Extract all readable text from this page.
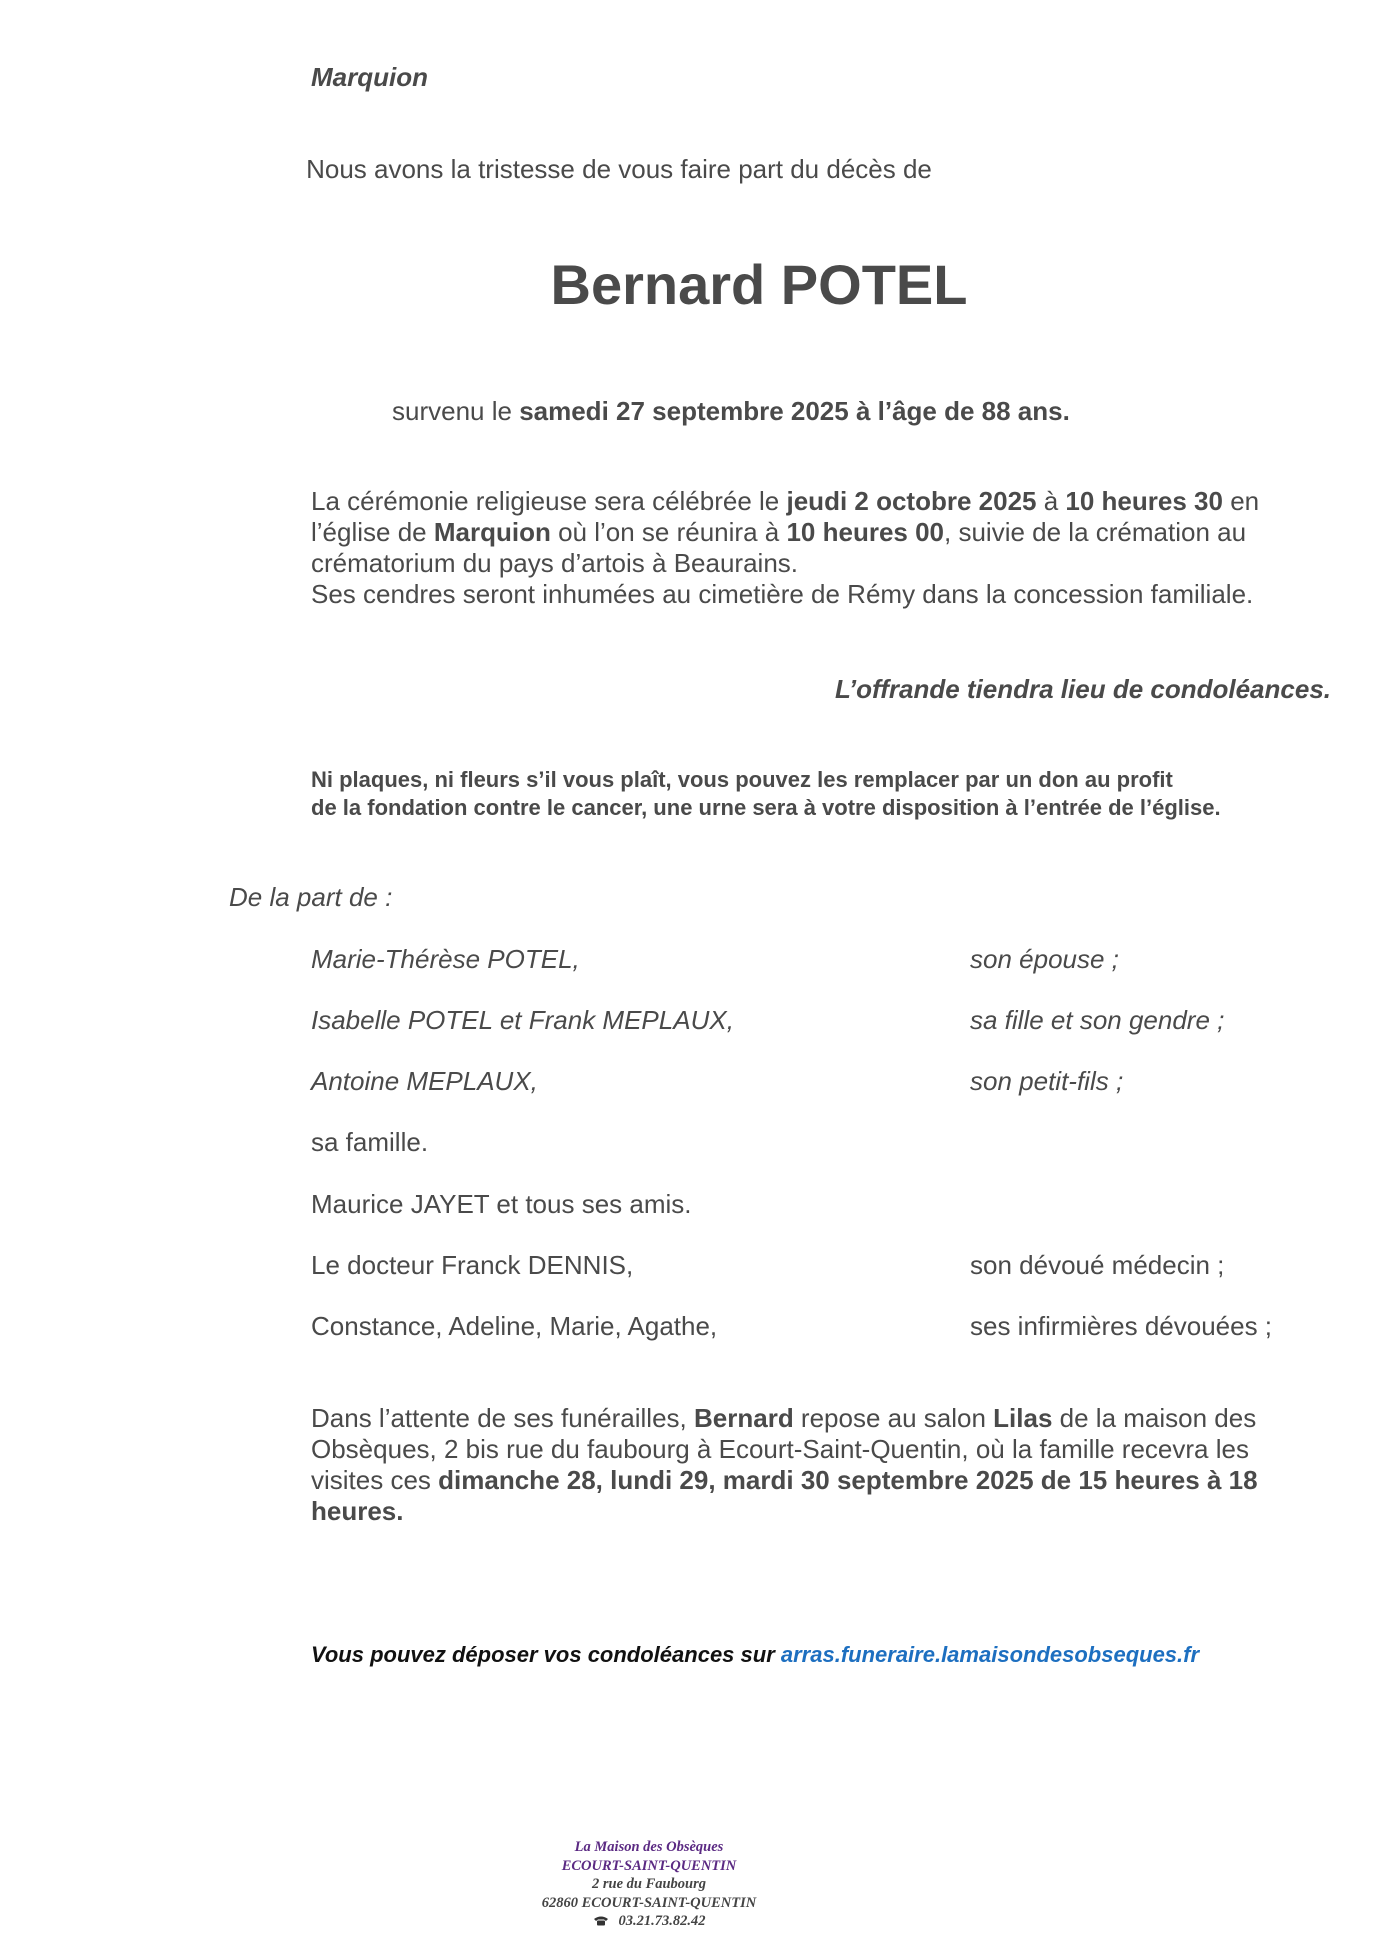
Marquion

Nous avons la tristesse de vous faire part du décès de

Bernard POTEL

survenu le samedi 27 septembre 2025 à l’âge de 88 ans.

La cérémonie religieuse sera célébrée le jeudi 2 octobre 2025 à 10 heures 30 en l’église de Marquion où l’on se réunira à 10 heures 00, suivie de la crémation au crématorium du pays d’artois à Beaurains.
Ses cendres seront inhumées au cimetière de Rémy dans la concession familiale.

L’offrande tiendra lieu de condoléances.

Ni plaques, ni fleurs s’il vous plaît, vous pouvez les remplacer par un don au profit
de la fondation contre le cancer, une urne sera à votre disposition à l’entrée de l’église.

De la part de :

Marie-Thérèse POTEL,	son épouse ;

Isabelle POTEL et Frank MEPLAUX,	sa fille et son gendre ;

Antoine MEPLAUX,	son petit-fils ;

sa famille.

Maurice JAYET et tous ses amis.

Le docteur Franck DENNIS,	son dévoué médecin ;

Constance, Adeline, Marie, Agathe,	ses infirmières dévouées ;

Dans l’attente de ses funérailles, Bernard repose au salon Lilas de la maison des Obsèques, 2 bis rue du faubourg à Ecourt-Saint-Quentin, où la famille recevra les visites ces dimanche 28, lundi 29, mardi 30 septembre 2025 de 15 heures à 18 heures.

Vous pouvez déposer vos condoléances sur arras.funeraire.lamaisondesobseques.fr

La Maison des Obsèques
ECOURT-SAINT-QUENTIN
2 rue du Faubourg
62860 ECOURT-SAINT-QUENTIN
03.21.73.82.42
